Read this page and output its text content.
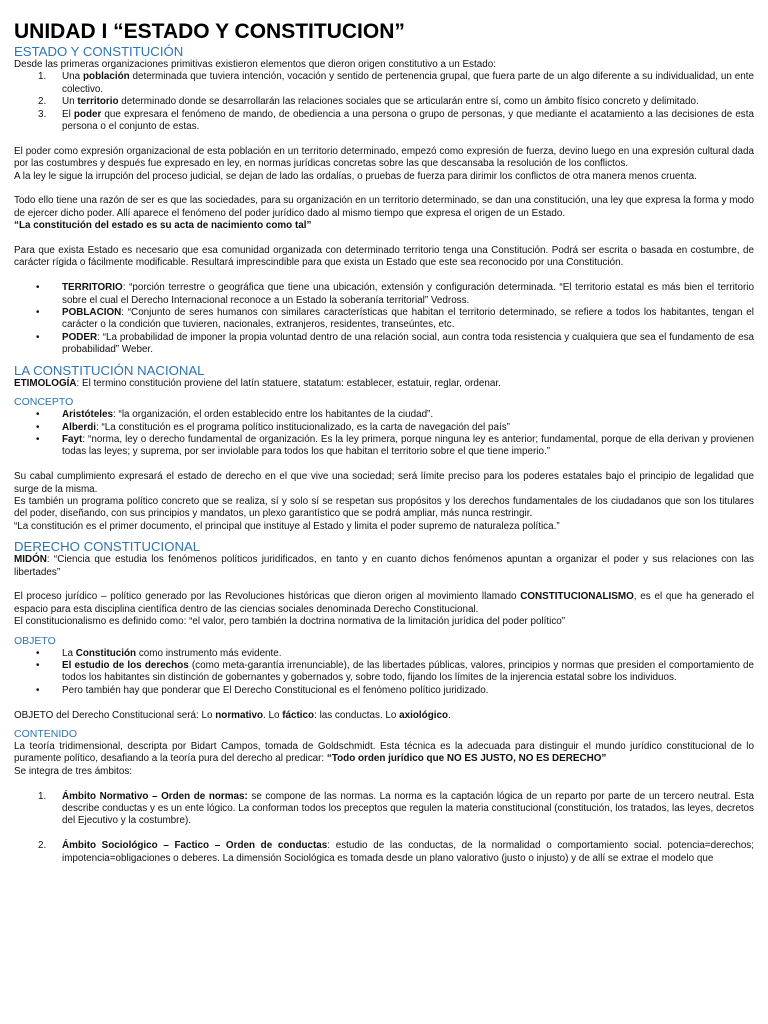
UNIDAD I “ESTADO Y CONSTITUCION”
ESTADO Y CONSTITUCIÓN

Desde las primeras organizaciones primitivas existieron elementos que dieron origen constitutivo a un Estado:

1. Una población determinada que tuviera intención, vocación y sentido de pertenencia grupal, que fuera parte de un algo diferente a su individualidad, un ente colectivo.
2. Un territorio determinado donde se desarrollarán las relaciones sociales que se articularán entre sí, como un ámbito físico concreto y delimitado.
3. El poder que expresara el fenómeno de mando, de obediencia a una persona o grupo de personas, y que mediante el acatamiento a las decisiones de esta persona o el conjunto de estas.

El poder como expresión organizacional de esta población en un territorio determinado, empezó como expresión de fuerza, devino luego en una expresión cultural dada por las costumbres y después fue expresado en ley, en normas jurídicas concretas sobre las que descansaba la resolución de los conflictos.

A la ley le sigue la irrupción del proceso judicial, se dejan de lado las ordalías, o pruebas de fuerza para dirimir los conflictos de otra manera menos cruenta.

Todo ello tiene una razón de ser es que las sociedades, para su organización en un territorio determinado, se dan una constitución, una ley que expresa la forma y modo de ejercer dicho poder. Allí aparece el fenómeno del poder jurídico dado al mismo tiempo que expresa el origen de un Estado.

“La constitución del estado es su acta de nacimiento como tal”

Para que exista Estado es necesario que esa comunidad organizada con determinado territorio tenga una Constitución. Podrá ser escrita o basada en costumbre, de carácter rígida o fácilmente modificable. Resultará imprescindible para que exista un Estado que este sea reconocido por una Constitución.

• TERRITORIO: “porción terrestre o geográfica que tiene una ubicación, extensión y configuración determinada. “El territorio estatal es más bien el territorio sobre el cual el Derecho Internacional reconoce a un Estado la soberanía territorial” Vedross.
• POBLACION: “Conjunto de seres humanos con similares características que habitan el territorio determinado, se refiere a todos los habitantes, tengan el carácter o la condición que tuvieren, nacionales, extranjeros, residentes, transeúntes, etc.
• PODER: “La probabilidad de imponer la propia voluntad dentro de una relación social, aun contra toda resistencia y cualquiera que sea el fundamento de esa probabilidad” Weber.
LA CONSTITUCIÓN NACIONAL

ETIMOLOGÍA: El termino constitución proviene del latín statuere, statatum: establecer, estatuir, reglar, ordenar.

CONCEPTO
• Aristóteles: “la organización, el orden establecido entre los habitantes de la ciudad”.
• Alberdi: “La constitución es el programa político institucionalizado, es la carta de navegación del país”
• Fayt: “norma, ley o derecho fundamental de organización. Es la ley primera, porque ninguna ley es anterior; fundamental, porque de ella derivan y provienen todas las leyes; y suprema, por ser inviolable para todos los que habitan el territorio sobre el que tiene imperio.”

Su cabal cumplimiento expresará el estado de derecho en el que vive una sociedad; será límite preciso para los poderes estatales bajo el principio de legalidad que surge de la misma.

Es también un programa político concreto que se realiza, sí y solo sí se respetan sus propósitos y los derechos fundamentales de los ciudadanos que son los titulares del poder, diseñando, con sus principios y mandatos, un plexo garantístico que se podrá ampliar, más nunca restringir.

“La constitución es el primer documento, el principal que instituye al Estado y limita el poder supremo de naturaleza política.”

DERECHO CONSTITUCIONAL

MIDÓN: “Ciencia que estudia los fenómenos políticos juridificados, en tanto y en cuanto dichos fenómenos apuntan a organizar el poder y sus relaciones con las libertades”

El proceso jurídico – político generado por las Revoluciones históricas que dieron origen al movimiento llamado CONSTITUCIONALISMO, es el que ha generado el espacio para esta disciplina científica dentro de las ciencias sociales denominada Derecho Constitucional.

El constitucionalismo es definido como: “el valor, pero también la doctrina normativa de la limitación jurídica del poder político”

OBJETO
• La Constitución como instrumento más evidente.
• El estudio de los derechos (como meta-garantía irrenunciable), de las libertades públicas, valores, principios y normas que presiden el comportamiento de todos los habitantes sin distinción de gobernantes y gobernados y, sobre todo, fijando los límites de la injerencia estatal sobre los individuos.
• Pero también hay que ponderar que El Derecho Constitucional es el fenómeno político juridizado.

OBJETO del Derecho Constitucional será: Lo normativo. Lo fáctico: las conductas. Lo axiológico.

CONTENIDO

La teoría tridimensional, descripta por Bidart Campos, tomada de Goldschmidt. Esta técnica es la adecuada para distinguir el mundo jurídico constitucional de lo puramente político, desafiando a la teoría pura del derecho al predicar: “Todo orden jurídico que NO ES JUSTO, NO ES DERECHO”

Se integra de tres ámbitos:

1. Ámbito Normativo – Orden de normas: se compone de las normas. La norma es la captación lógica de un reparto por parte de un tercero neutral. Esta describe conductas y es un ente lógico. La conforman todos los preceptos que regulen la materia constitucional (constitución, los tratados, las leyes, decretos del Ejecutivo y la costumbre).
2. Ámbito Sociológico – Factico – Orden de conductas: estudio de las conductas, de la normalidad o comportamiento social. potencia=derechos; impotencia=obligaciones o deberes. La dimensión Sociológica es tomada desde un plano valorativo (justo o injusto) y de allí se extrae el modelo que
